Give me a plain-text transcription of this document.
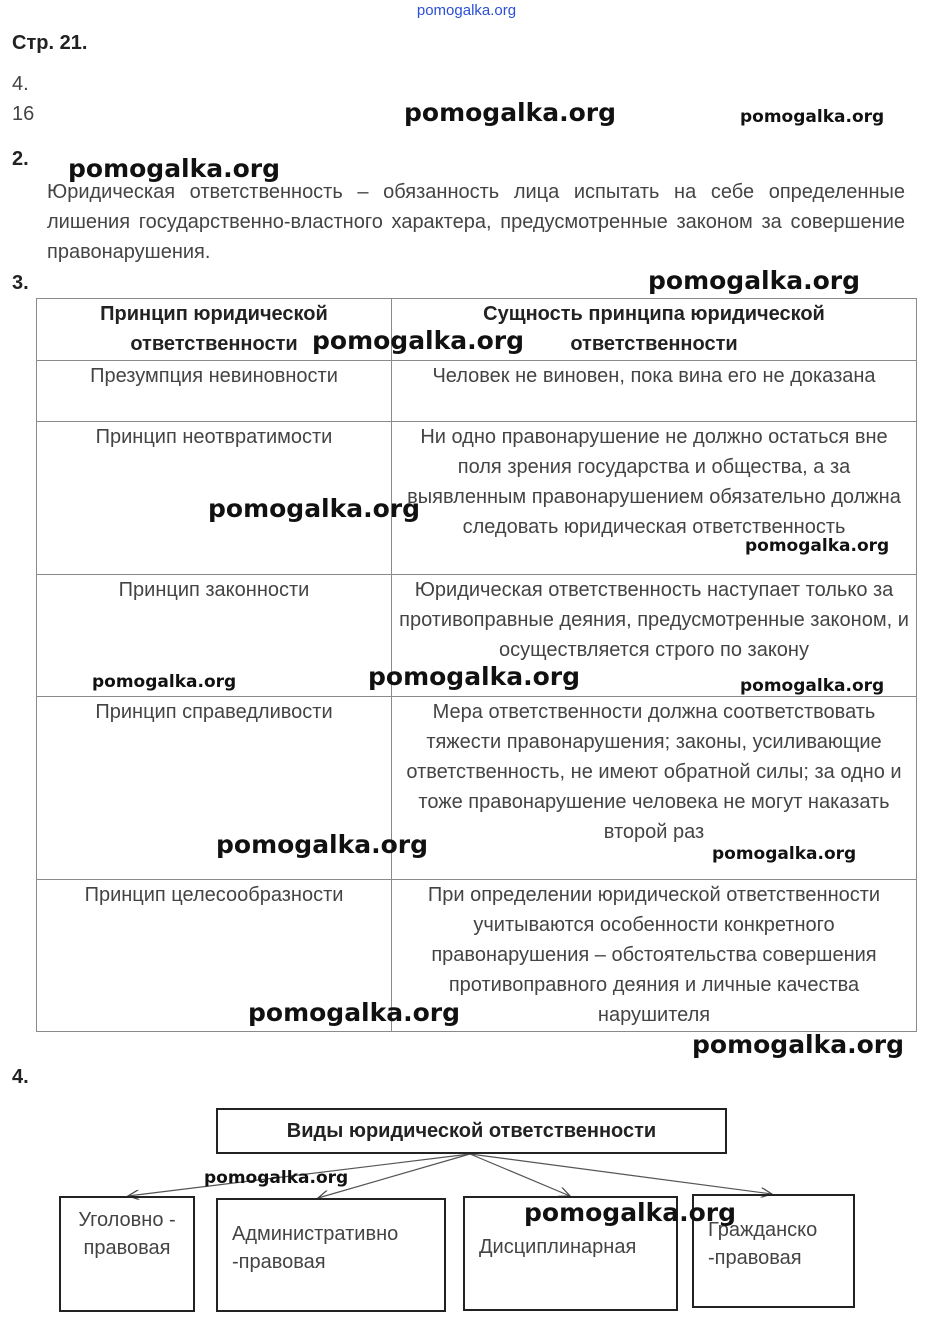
pomogalka.org
Стр. 21.
4.
16
2.
Юридическая ответственность – обязанность лица испытать на себе определенные лишения государственно-властного характера, предусмотренные законом за совершение правонарушения.
3.
Принцип юридической ответственности	Сущность принципа юридической ответственности
Презумпция невиновности	Человек не виновен, пока вина его не доказана
Принцип неотвратимости	Ни одно правонарушение не должно остаться вне поля зрения государства и общества, а за выявленным правонарушением обязательно должна следовать юридическая ответственность
Принцип законности	Юридическая ответственность наступает только за противоправные деяния, предусмотренные законом, и осуществляется строго по закону
Принцип справедливости	Мера ответственности должна соответствовать тяжести правонарушения; законы, усиливающие ответственность, не имеют обратной силы; за одно и тоже правонарушение человека не могут наказать второй раз
Принцип целесообразности	При определении юридической ответственности учитываются особенности конкретного правонарушения – обстоятельства совершения противоправного деяния и личные качества нарушителя
4.
Виды юридической ответственности
Уголовно - правовая
Административно -правовая
Дисциплинарная
Гражданско -правовая
pomogalka.org	pomogalka.org
pomogalka.org
pomogalka.org
pomogalka.org
pomogalka.org
pomogalka.org
pomogalka.org	pomogalka.org	pomogalka.org
pomogalka.org	pomogalka.org
pomogalka.org
pomogalka.org
pomogalka.org
pomogalka.org
